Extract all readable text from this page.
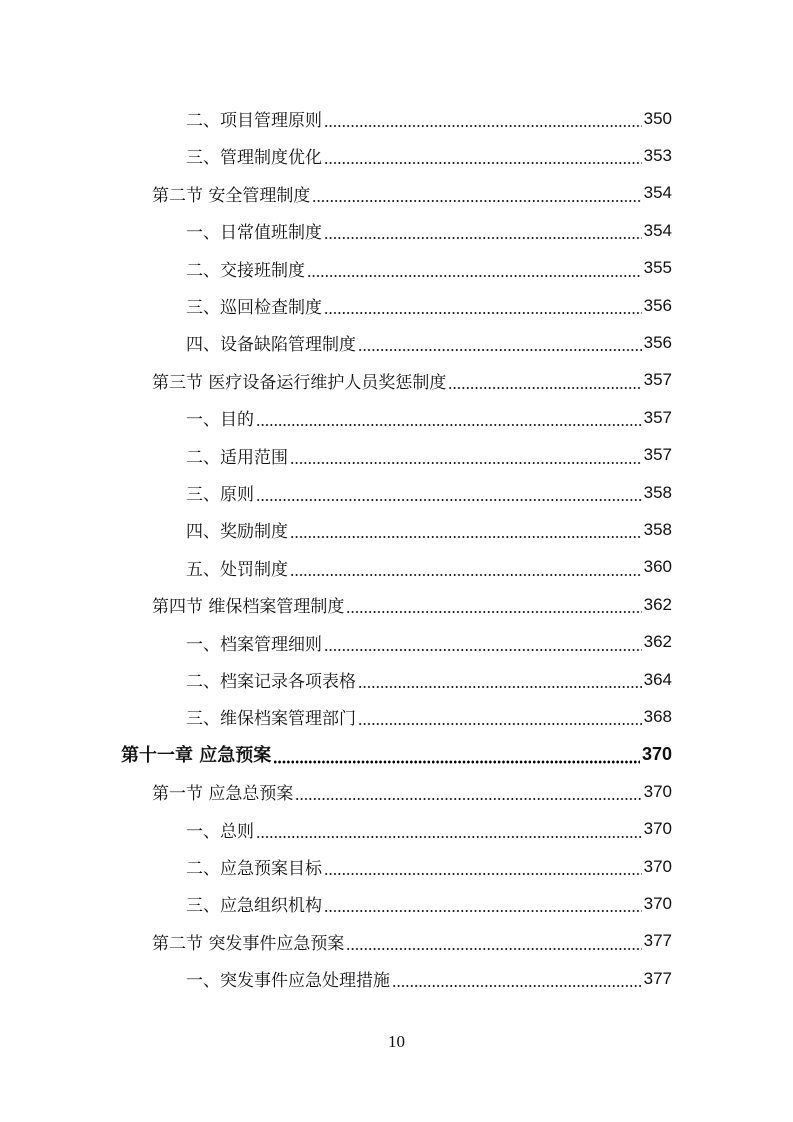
二、项目管理原则	350
三、管理制度优化	353
第二节 安全管理制度	354
一、日常值班制度	354
二、交接班制度	355
三、巡回检查制度	356
四、设备缺陷管理制度	356
第三节 医疗设备运行维护人员奖惩制度	357
一、目的	357
二、适用范围	357
三、原则	358
四、奖励制度	358
五、处罚制度	360
第四节 维保档案管理制度	362
一、档案管理细则	362
二、档案记录各项表格	364
三、维保档案管理部门	368
第十一章 应急预案	370
第一节 应急总预案	370
一、总则	370
二、应急预案目标	370
三、应急组织机构	370
第二节 突发事件应急预案	377
一、突发事件应急处理措施	377
10
